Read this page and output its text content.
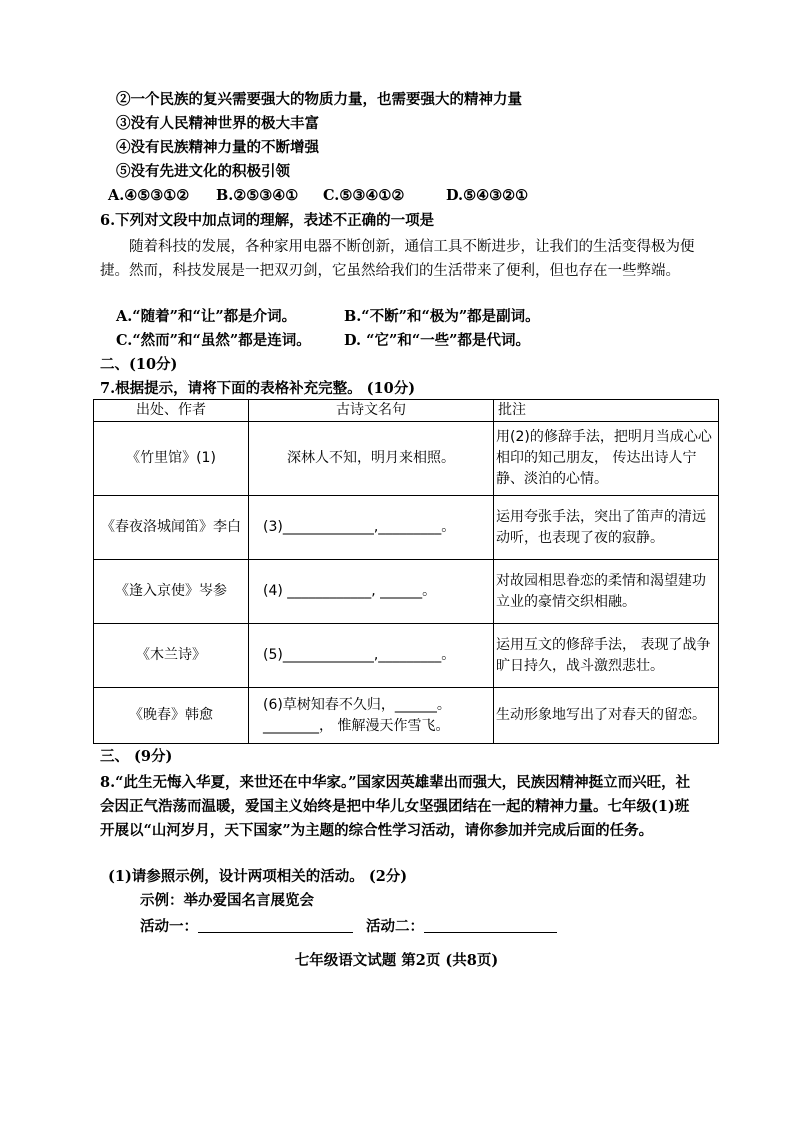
②一个民族的复兴需要强大的物质力量，也需要强大的精神力量
③没有人民精神世界的极大丰富
④没有民族精神力量的不断增强
⑤没有先进文化的积极引领
A.④⑤③①② B.②⑤③④① C.⑤③④①②	D.⑤④③②①
6.下列对文段中加点词的理解，表述不正确的一项是
随着科技的发展，各种家用电器不断创新，通信工具不断进步，让我们的生活变得极为便捷。然而，科技发展是一把双刃剑，它虽然给我们的生活带来了便利，但也存在一些弊端。
A.“随着”和“让”都是介词。	B.“不断”和“极为”都是副词。
C.“然而”和“虽然”都是连词。 D. “它”和“一些”都是代词。
二、(10分)
7.根据提示，请将下面的表格补充完整。 (10分)
出处、作者	古诗文名句	批注
《竹里馆》(1)	深林人不知，明月来相照。	用(2)的修辞手法，把明月当成心心相印的知己朋友， 传达出诗人宁静、淡泊的心情。
《春夜洛城闻笛》李白	(3)_____________,_________。	运用夸张手法，突出了笛声的清远动听，也表现了夜的寂静。
《逢入京使》岑参	(4) ____________, ______。	对故园相思眷恋的柔情和渴望建功立业的豪情交织相融。
《木兰诗》	(5)_____________,_________。	运用互文的修辞手法， 表现了战争旷日持久，战斗激烈悲壮。
《晚春》韩愈	(6)草树知春不久归，______。________， 惟解漫天作雪飞。	生动形象地写出了对春天的留恋。
三、 (9分)
8.“此生无悔入华夏，来世还在中华家。”国家因英雄辈出而强大，民族因精神挺立而兴旺，社会因正气浩荡而温暖，爱国主义始终是把中华儿女坚强团结在一起的精神力量。七年级(1)班开展以“山河岁月，天下国家”为主题的综合性学习活动，请你参加并完成后面的任务。
(1)请参照示例，设计两项相关的活动。 (2分)
示例：举办爱国名言展览会
活动一：	活动二：
七年级语文试题 第2页 (共8页)
